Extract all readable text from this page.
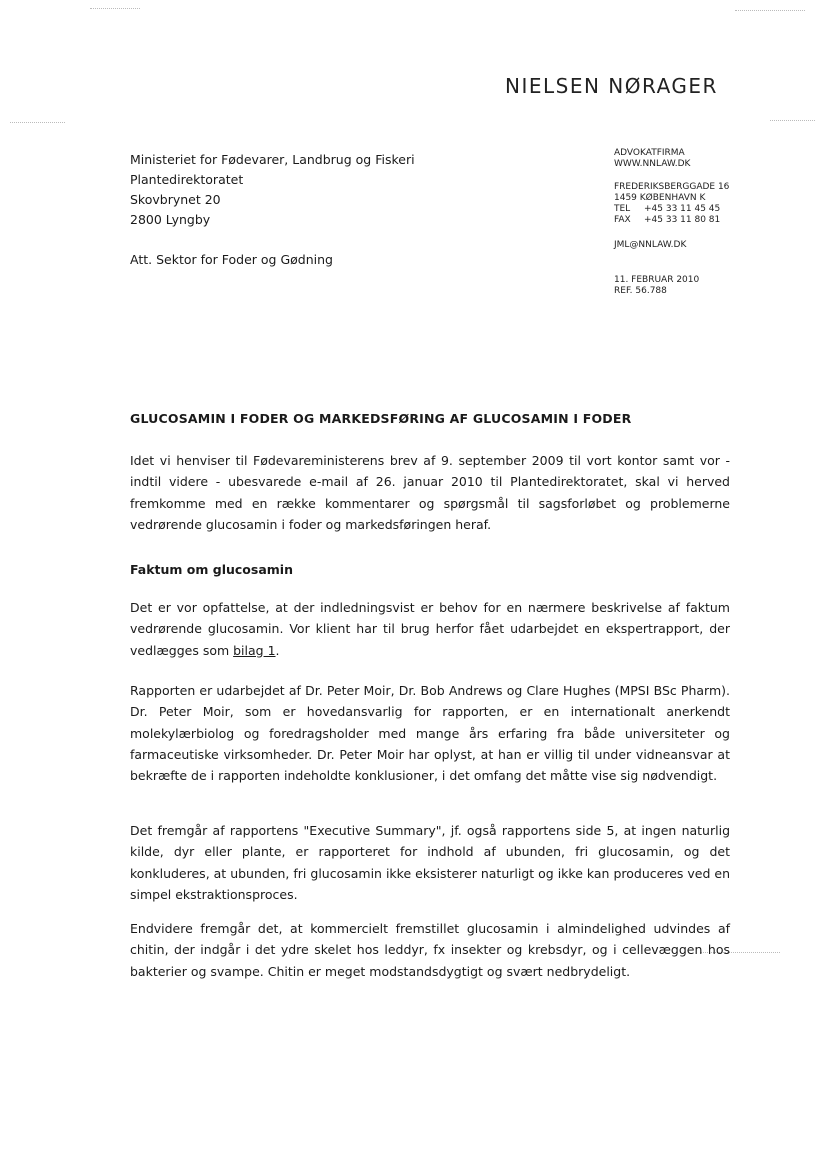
NIELSEN NØRAGER
Ministeriet for Fødevarer, Landbrug og Fiskeri
Plantedirektoratet
Skovbrynet 20
2800 Lyngby
Att. Sektor for Foder og Gødning
ADVOKATFIRMA
WWW.NNLAW.DK
FREDERIKSBERGGADE 16
1459 KØBENHAVN K
TEL	+45 33 11 45 45
FAX	+45 33 11 80 81
JML@NNLAW.DK
11. FEBRUAR 2010
REF. 56.788
GLUCOSAMIN I FODER OG MARKEDSFØRING AF GLUCOSAMIN I FODER
Idet vi henviser til Fødevareministerens brev af 9. september 2009 til vort kontor samt vor - indtil videre - ubesvarede e-mail af 26. januar 2010 til Plantedirektoratet, skal vi herved fremkomme med en række kommentarer og spørgsmål til sagsforløbet og problemerne vedrørende glucosamin i foder og markedsføringen heraf.
Faktum om glucosamin
Det er vor opfattelse, at der indledningsvist er behov for en nærmere beskrivelse af faktum vedrørende glucosamin. Vor klient har til brug herfor fået udarbejdet en ekspertrapport, der vedlægges som bilag 1.
Rapporten er udarbejdet af Dr. Peter Moir, Dr. Bob Andrews og Clare Hughes (MPSI BSc Pharm). Dr. Peter Moir, som er hovedansvarlig for rapporten, er en internationalt anerkendt molekylærbiolog og foredragsholder med mange års erfaring fra både universiteter og farmaceutiske virksomheder. Dr. Peter Moir har oplyst, at han er villig til under vidneansvar at bekræfte de i rapporten indeholdte konklusioner, i det omfang det måtte vise sig nødvendigt.
Det fremgår af rapportens "Executive Summary", jf. også rapportens side 5, at ingen naturlig kilde, dyr eller plante, er rapporteret for indhold af ubunden, fri glucosamin, og det konkluderes, at ubunden, fri glucosamin ikke eksisterer naturligt og ikke kan produceres ved en simpel ekstraktionsproces.
Endvidere fremgår det, at kommercielt fremstillet glucosamin i almindelighed udvindes af chitin, der indgår i det ydre skelet hos leddyr, fx insekter og krebsdyr, og i cellevæggen hos bakterier og svampe. Chitin er meget modstandsdygtigt og svært nedbrydeligt.
